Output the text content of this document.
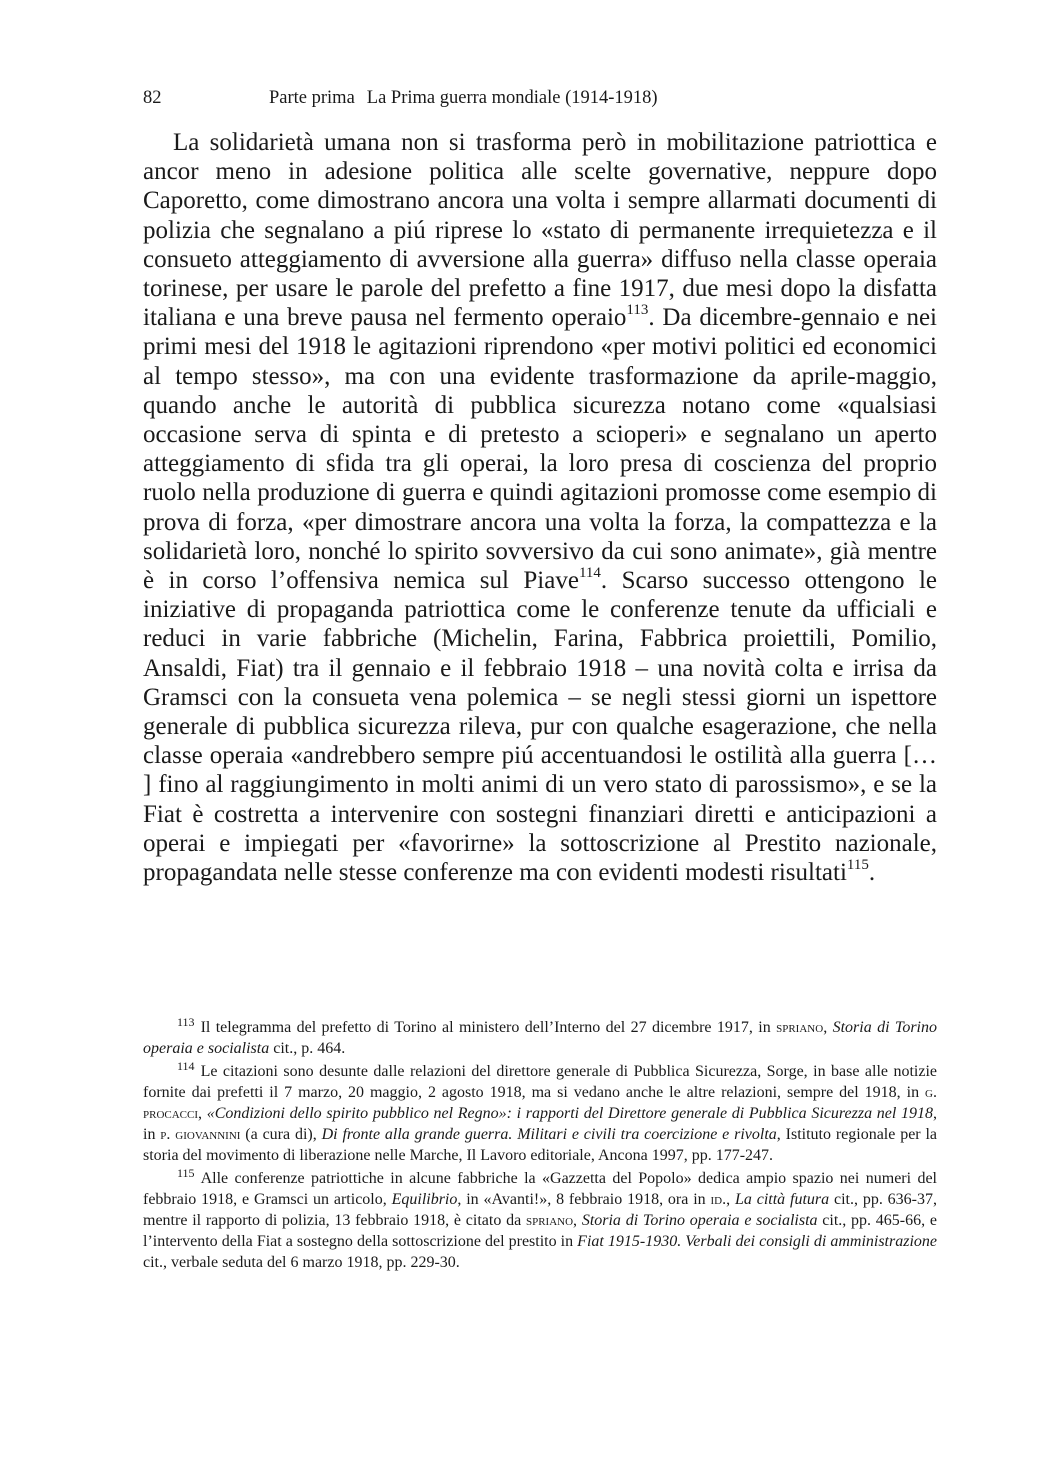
82	Parte prima La Prima guerra mondiale (1914-1918)

La solidarietà umana non si trasforma però in mobilitazione patriottica e ancor meno in adesione politica alle scelte governative, neppure dopo Caporetto, come dimostrano ancora una volta i sempre allarmati documenti di polizia che segnalano a piú riprese lo «stato di permanente irrequietezza e il consueto atteggiamento di avversione alla guerra» diffuso nella classe operaia torinese, per usare le parole del prefetto a fine 1917, due mesi dopo la disfatta italiana e una breve pausa nel fermento operaio$^{113}$. Da dicembre-gennaio e nei primi mesi del 1918 le agitazioni riprendono «per motivi politici ed economici al tempo stesso», ma con una evidente trasformazione da aprile-maggio, quando anche le autorità di pubblica sicurezza notano come «qualsiasi occasione serva di spinta e di pretesto a scioperi» e segnalano un aperto atteggiamento di sfida tra gli operai, la loro presa di coscienza del proprio ruolo nella produzione di guerra e quindi agitazioni promosse come esempio di prova di forza, «per dimostrare ancora una volta la forza, la compattezza e la solidarietà loro, nonché lo spirito sovversivo da cui sono animate», già mentre è in corso l’offensiva nemica sul Piave$^{114}$. Scarso successo ottengono le iniziative di propaganda patriottica come le conferenze tenute da ufficiali e reduci in varie fabbriche (Michelin, Farina, Fabbrica proiettili, Pomilio, Ansaldi, Fiat) tra il gennaio e il febbraio 1918 – una novità colta e irrisa da Gramsci con la consueta vena polemica – se negli stessi giorni un ispettore generale di pubblica sicurezza rileva, pur con qualche esagerazione, che nella classe operaia «andrebbero sempre piú accentuandosi le ostilità alla guerra [… ] fino al raggiungimento in molti animi di un vero stato di parossismo», e se la Fiat è costretta a intervenire con sostegni finanziari diretti e anticipazioni a operai e impiegati per «favorirne» la sottoscrizione al Prestito nazionale, propagandata nelle stesse conferenze ma con evidenti modesti risultati$^{115}$.

$^{113}$ Il telegramma del prefetto di Torino al ministero dell’Interno del 27 dicembre 1917, in spriano, Storia di Torino operaia e socialista cit., p. 464.

$^{114}$ Le citazioni sono desunte dalle relazioni del direttore generale di Pubblica Sicurezza, Sorge, in base alle notizie fornite dai prefetti il 7 marzo, 20 maggio, 2 agosto 1918, ma si vedano anche le altre relazioni, sempre del 1918, in g. procacci, «Condizioni dello spirito pubblico nel Regno»: i rapporti del Direttore generale di Pubblica Sicurezza nel 1918, in p. giovannini (a cura di), Di fronte alla grande guerra. Militari e civili tra coercizione e rivolta, Istituto regionale per la storia del movimento di liberazione nelle Marche, Il Lavoro editoriale, Ancona 1997, pp. 177-247.

$^{115}$ Alle conferenze patriottiche in alcune fabbriche la «Gazzetta del Popolo» dedica ampio spazio nei numeri del febbraio 1918, e Gramsci un articolo, Equilibrio, in «Avanti!», 8 febbraio 1918, ora in id., La città futura cit., pp. 636-37, mentre il rapporto di polizia, 13 febbraio 1918, è citato da spriano, Storia di Torino operaia e socialista cit., pp. 465-66, e l’intervento della Fiat a sostegno della sottoscrizione del prestito in Fiat 1915-1930. Verbali dei consigli di amministrazione cit., verbale seduta del 6 marzo 1918, pp. 229-30.
